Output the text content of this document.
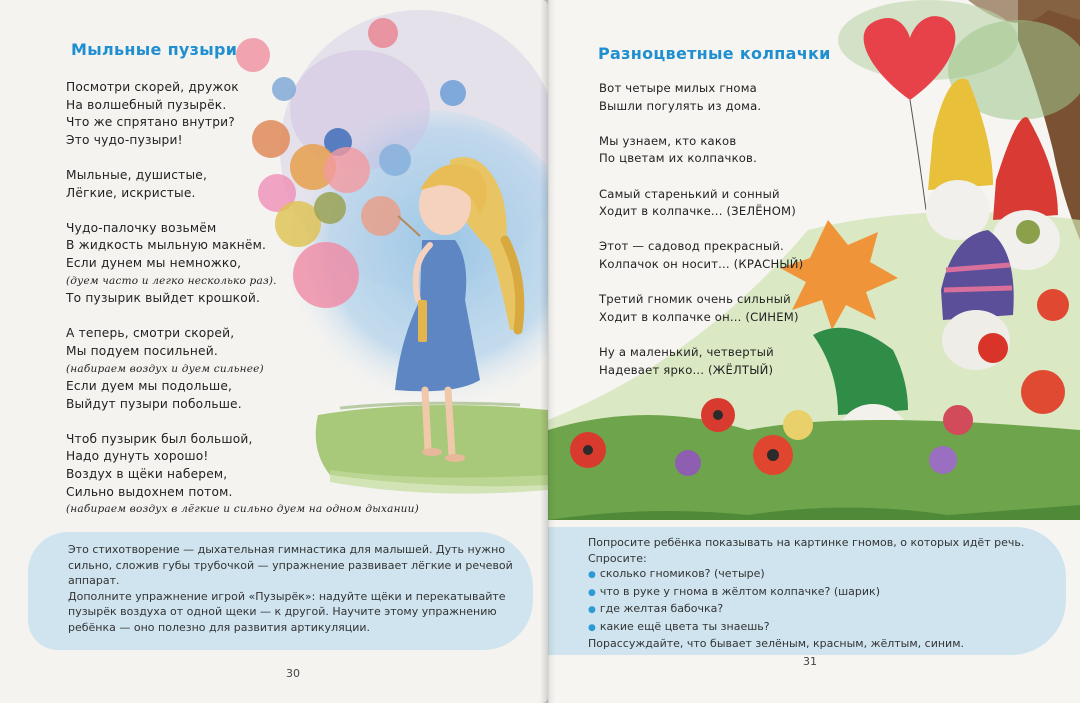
Мыльные пузыри
Посмотри скорей, дружок
На волшебный пузырёк.
Что же спрятано внутри?
Это чудо-пузыри!
Мыльные, душистые,
Лёгкие, искристые.
Чудо-палочку возьмём
В жидкость мыльную макнём.
Если дунем мы немножко,
(дуем часто и легко несколько раз).
То пузырик выйдет крошкой.
А теперь, смотри скорей,
Мы подуем посильней.
(набираем воздух и дуем сильнее)
Если дуем мы подольше,
Выйдут пузыри побольше.
Чтоб пузырик был большой,
Надо дунуть хорошо!
Воздух в щёки наберем,
Сильно выдохнем потом.
(набираем воздух в лёгкие и сильно дуем на одном дыхании)
Это стихотворение — дыхательная гимнастика для малышей. Дуть нужно
сильно, сложив губы трубочкой — упражнение развивает лёгкие и речевой
аппарат.
Дополните упражнение игрой «Пузырёк»: надуйте щёки и перекатывайте
пузырёк воздуха от одной щеки — к другой. Научите этому упражнению
ребёнка — оно полезно для развития артикуляции.
30
Разноцветные колпачки
Вот четыре милых гнома
Вышли погулять из дома.
Мы узнаем, кто каков
По цветам их колпачков.
Самый старенький и сонный
Ходит в колпачке... (ЗЕЛЁНОМ)
Этот — садовод прекрасный.
Колпачок он носит... (КРАСНЫЙ)
Третий гномик очень сильный
Ходит в колпачке он... (СИНЕМ)
Ну а маленький, четвертый
Надевает ярко... (ЖЁЛТЫЙ)
Попросите ребёнка показывать на картинке гномов, о которых идёт речь.
Спросите:
● сколько гномиков? (четыре)
● что в руке у гнома в жёлтом колпачке? (шарик)
● где желтая бабочка?
● какие ещё цвета ты знаешь?
Порассуждайте, что бывает зелёным, красным, жёлтым, синим.
31
